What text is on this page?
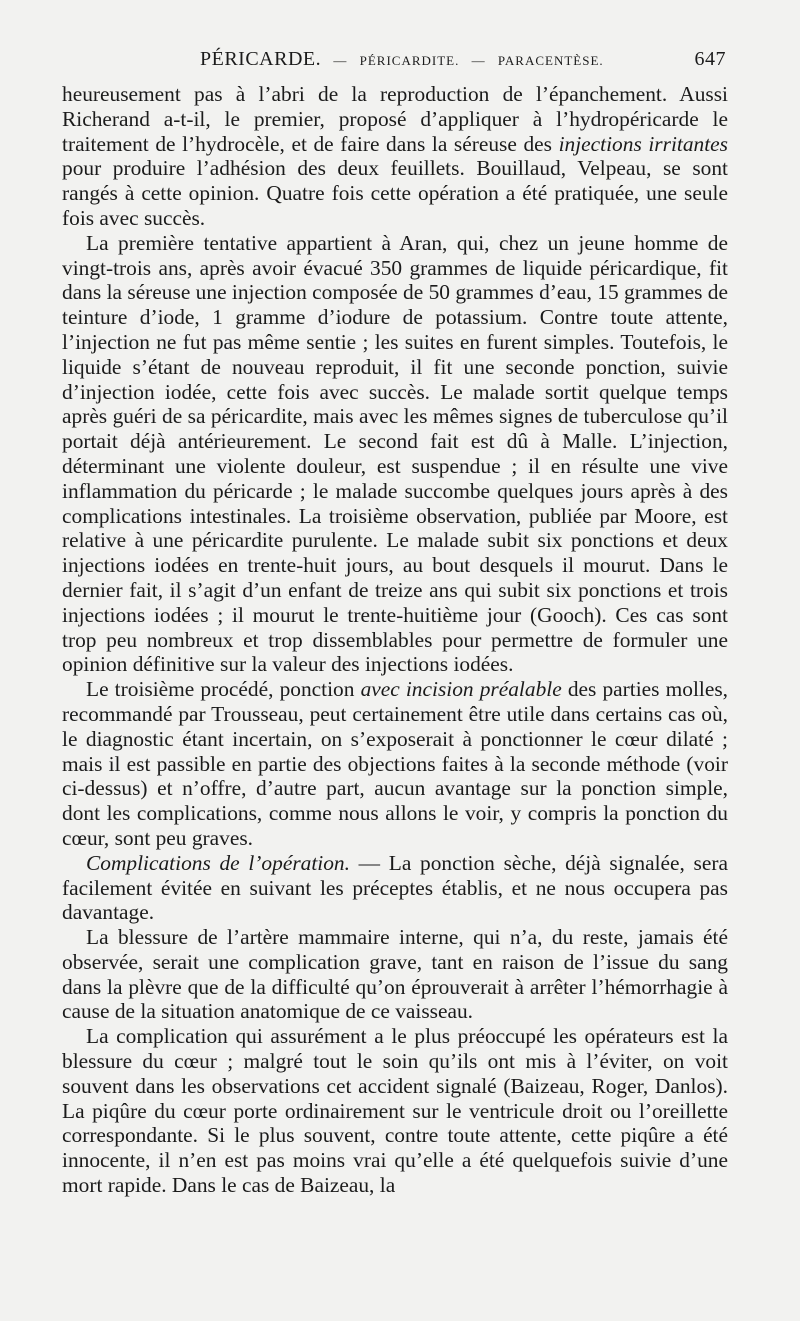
PÉRICARDE. — PÉRICARDITE. — PARACENTÈSE.	647

heureusement pas à l’abri de la reproduction de l’épanchement. Aussi Richerand a-t-il, le premier, proposé d’appliquer à l’hydropéricarde le traitement de l’hydrocèle, et de faire dans la séreuse des injections irritantes pour produire l’adhésion des deux feuillets. Bouillaud, Velpeau, se sont rangés à cette opinion. Quatre fois cette opération a été pratiquée, une seule fois avec succès.

La première tentative appartient à Aran, qui, chez un jeune homme de vingt-trois ans, après avoir évacué 350 grammes de liquide péricardique, fit dans la séreuse une injection composée de 50 grammes d’eau, 15 grammes de teinture d’iode, 1 gramme d’iodure de potassium. Contre toute attente, l’injection ne fut pas même sentie ; les suites en furent simples. Toutefois, le liquide s’étant de nouveau reproduit, il fit une seconde ponction, suivie d’injection iodée, cette fois avec succès. Le malade sortit quelque temps après guéri de sa péricardite, mais avec les mêmes signes de tuberculose qu’il portait déjà antérieurement. Le second fait est dû à Malle. L’injection, déterminant une violente douleur, est suspendue ; il en résulte une vive inflammation du péricarde ; le malade succombe quelques jours après à des complications intestinales. La troisième observation, publiée par Moore, est relative à une péricardite purulente. Le malade subit six ponctions et deux injections iodées en trente-huit jours, au bout desquels il mourut. Dans le dernier fait, il s’agit d’un enfant de treize ans qui subit six ponctions et trois injections iodées ; il mourut le trente-huitième jour (Gooch). Ces cas sont trop peu nombreux et trop dissemblables pour permettre de formuler une opinion définitive sur la valeur des injections iodées.

Le troisième procédé, ponction avec incision préalable des parties molles, recommandé par Trousseau, peut certainement être utile dans certains cas où, le diagnostic étant incertain, on s’exposerait à ponctionner le cœur dilaté ; mais il est passible en partie des objections faites à la seconde méthode (voir ci-dessus) et n’offre, d’autre part, aucun avantage sur la ponction simple, dont les complications, comme nous allons le voir, y compris la ponction du cœur, sont peu graves.

Complications de l’opération. — La ponction sèche, déjà signalée, sera facilement évitée en suivant les préceptes établis, et ne nous occupera pas davantage.

La blessure de l’artère mammaire interne, qui n’a, du reste, jamais été observée, serait une complication grave, tant en raison de l’issue du sang dans la plèvre que de la difficulté qu’on éprouverait à arrêter l’hémorrhagie à cause de la situation anatomique de ce vaisseau.

La complication qui assurément a le plus préoccupé les opérateurs est la blessure du cœur ; malgré tout le soin qu’ils ont mis à l’éviter, on voit souvent dans les observations cet accident signalé (Baizeau, Roger, Danlos). La piqûre du cœur porte ordinairement sur le ventricule droit ou l’oreillette correspondante. Si le plus souvent, contre toute attente, cette piqûre a été innocente, il n’en est pas moins vrai qu’elle a été quelquefois suivie d’une mort rapide. Dans le cas de Baizeau, la
